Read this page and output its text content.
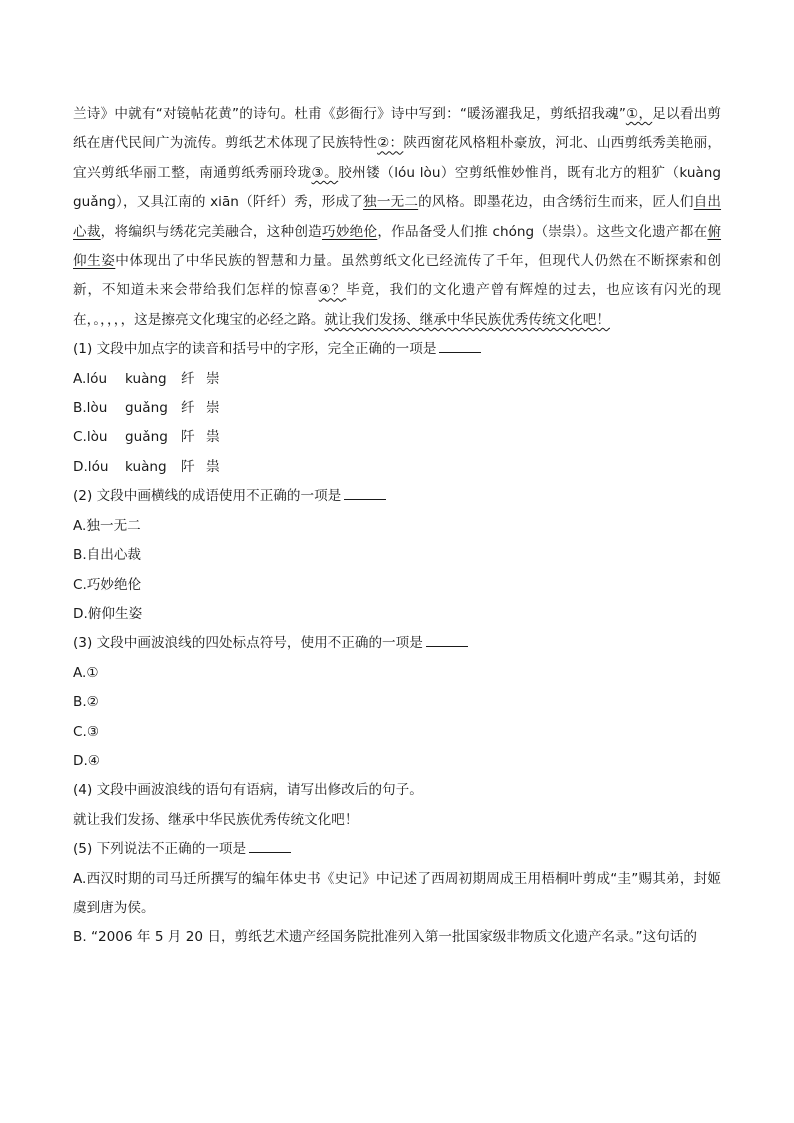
兰诗》中就有“对镜帖花黄”的诗句。杜甫《彭衙行》诗中写到：“暖汤濯我足，剪纸招我魂”①，足以看出剪纸在唐代民间广为流传。剪纸艺术体现了民族特性②：陕西窗花风格粗朴豪放，河北、山西剪纸秀美艳丽，宜兴剪纸华丽工整，南通剪纸秀丽玲珑③。胶州镂（lóu lòu）空剪纸惟妙惟肖，既有北方的粗犷（kuàng guǎng），又具江南的 xiān（阡纤）秀，形成了独一无二的风格。即墨花边，由含绣衍生而来，匠人们自出心裁，将编织与绣花完美融合，这种创造巧妙绝伦，作品备受人们推 chóng（崇祟）。这些文化遗产都在俯仰生姿中体现出了中华民族的智慧和力量。虽然剪纸文化已经流传了千年，但现代人仍然在不断探索和创新，不知道未来会带给我们怎样的惊喜④？毕竟，我们的文化遗产曾有辉煌的过去，也应该有闪光的现在，。，，，，这是擦亮文化瑰宝的必经之路。就让我们发扬、继承中华民族优秀传统文化吧！

(1) 文段中加点字的读音和括号中的字形，完全正确的一项是

A.lóu kuàng 纤 崇

B.lòu guǎng 纤 崇

C.lòu guǎng 阡 祟

D.lóu kuàng 阡 祟

(2) 文段中画横线的成语使用不正确的一项是

A.独一无二

B.自出心裁

C.巧妙绝伦

D.俯仰生姿

(3) 文段中画波浪线的四处标点符号，使用不正确的一项是

A.①

B.②

C.③

D.④

(4) 文段中画波浪线的语句有语病，请写出修改后的句子。

就让我们发扬、继承中华民族优秀传统文化吧！

(5) 下列说法不正确的一项是

A.西汉时期的司马迁所撰写的编年体史书《史记》中记述了西周初期周成王用梧桐叶剪成“圭”赐其弟，封姬虞到唐为侯。

B. “2006 年 5 月 20 日，剪纸艺术遗产经国务院批准列入第一批国家级非物质文化遗产名录。”这句话的
